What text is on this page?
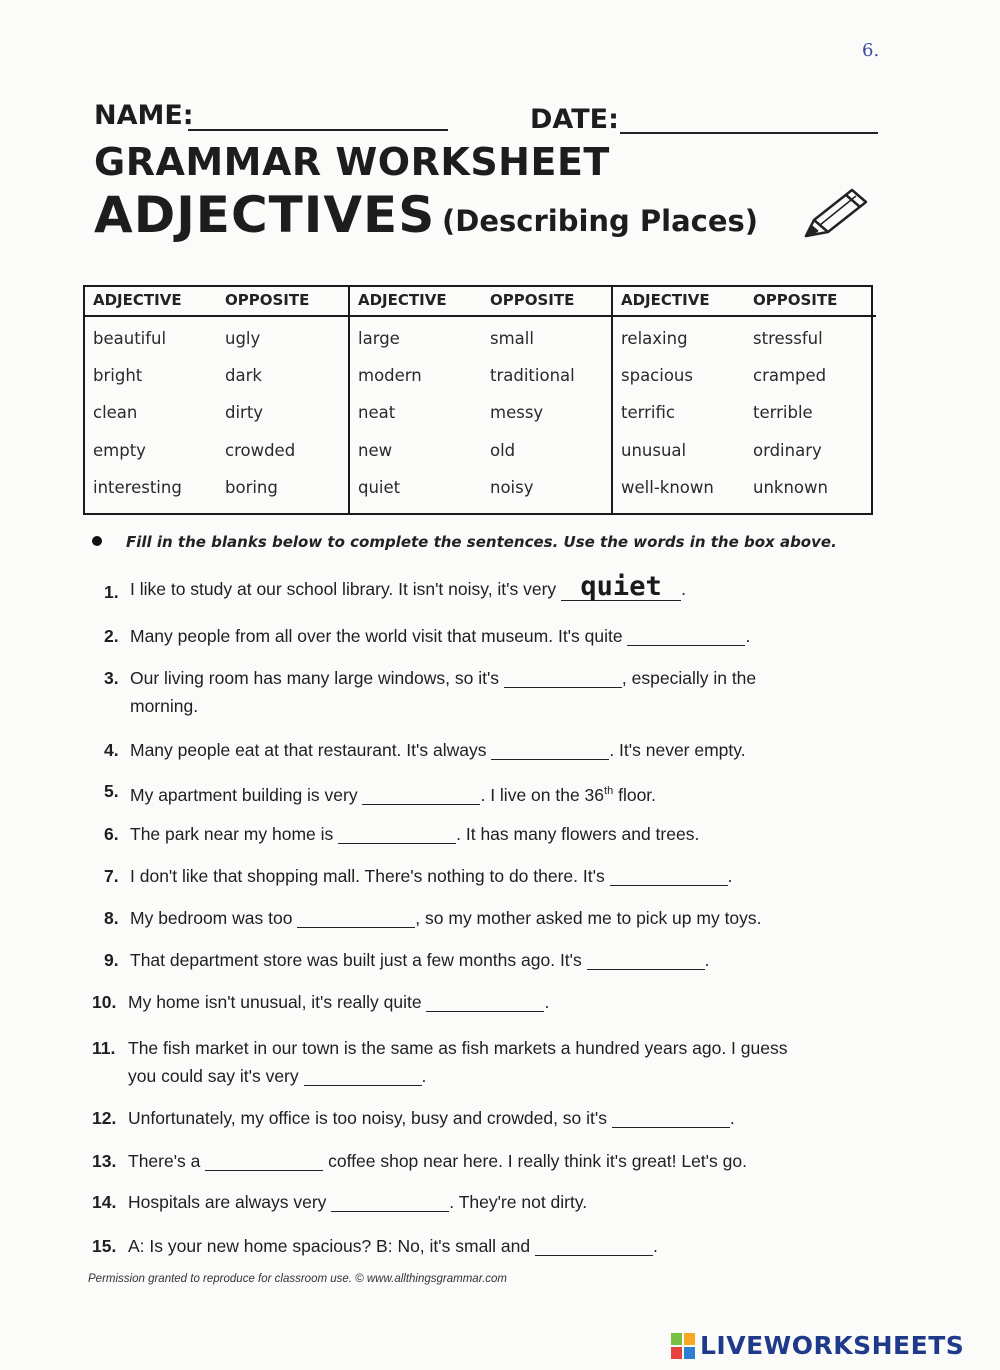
NAME:	DATE:
6.
GRAMMAR WORKSHEET
ADJECTIVES (Describing Places)
ADJECTIVE	OPPOSITE
beautiful	ugly
bright	dark
clean	dirty
empty	crowded
interesting	boring
ADJECTIVE	OPPOSITE
large	small
modern	traditional
neat	messy
new	old
quiet	noisy
ADJECTIVE	OPPOSITE
relaxing	stressful
spacious	cramped
terrific	terrible
unusual	ordinary
well-known unknown
Fill in the blanks below to complete the sentences. Use the words in the box above.
1. I like to study at our school library. It isn't noisy, it's very quiet .
2. Many people from all over the world visit that museum. It's quite	.
3. Our living room has many large windows, so it's	, especially in the
morning.
4. Many people eat at that restaurant. It's always	. It's never empty.
5. My apartment building is very	. I live on the 36th floor.
6. The park near my home is	. It has many flowers and trees.
7. I don't like that shopping mall. There's nothing to do there. It's	.
8. My bedroom was too	, so my mother asked me to pick up my toys.
9. That department store was built just a few months ago. It's	.
10. My home isn't unusual, it's really quite	.
11. The fish market in our town is the same as fish markets a hundred years ago. I guess
you could say it's very	.
12. Unfortunately, my office is too noisy, busy and crowded, so it's	.
13. There's a	coffee shop near here. I really think it's great! Let's go.
14. Hospitals are always very	. They're not dirty.
15. A: Is your new home spacious? B: No, it's small and	.
Permission granted to reproduce for classroom use. © www.allthingsgrammar.com
LIVEWORKSHEETS
